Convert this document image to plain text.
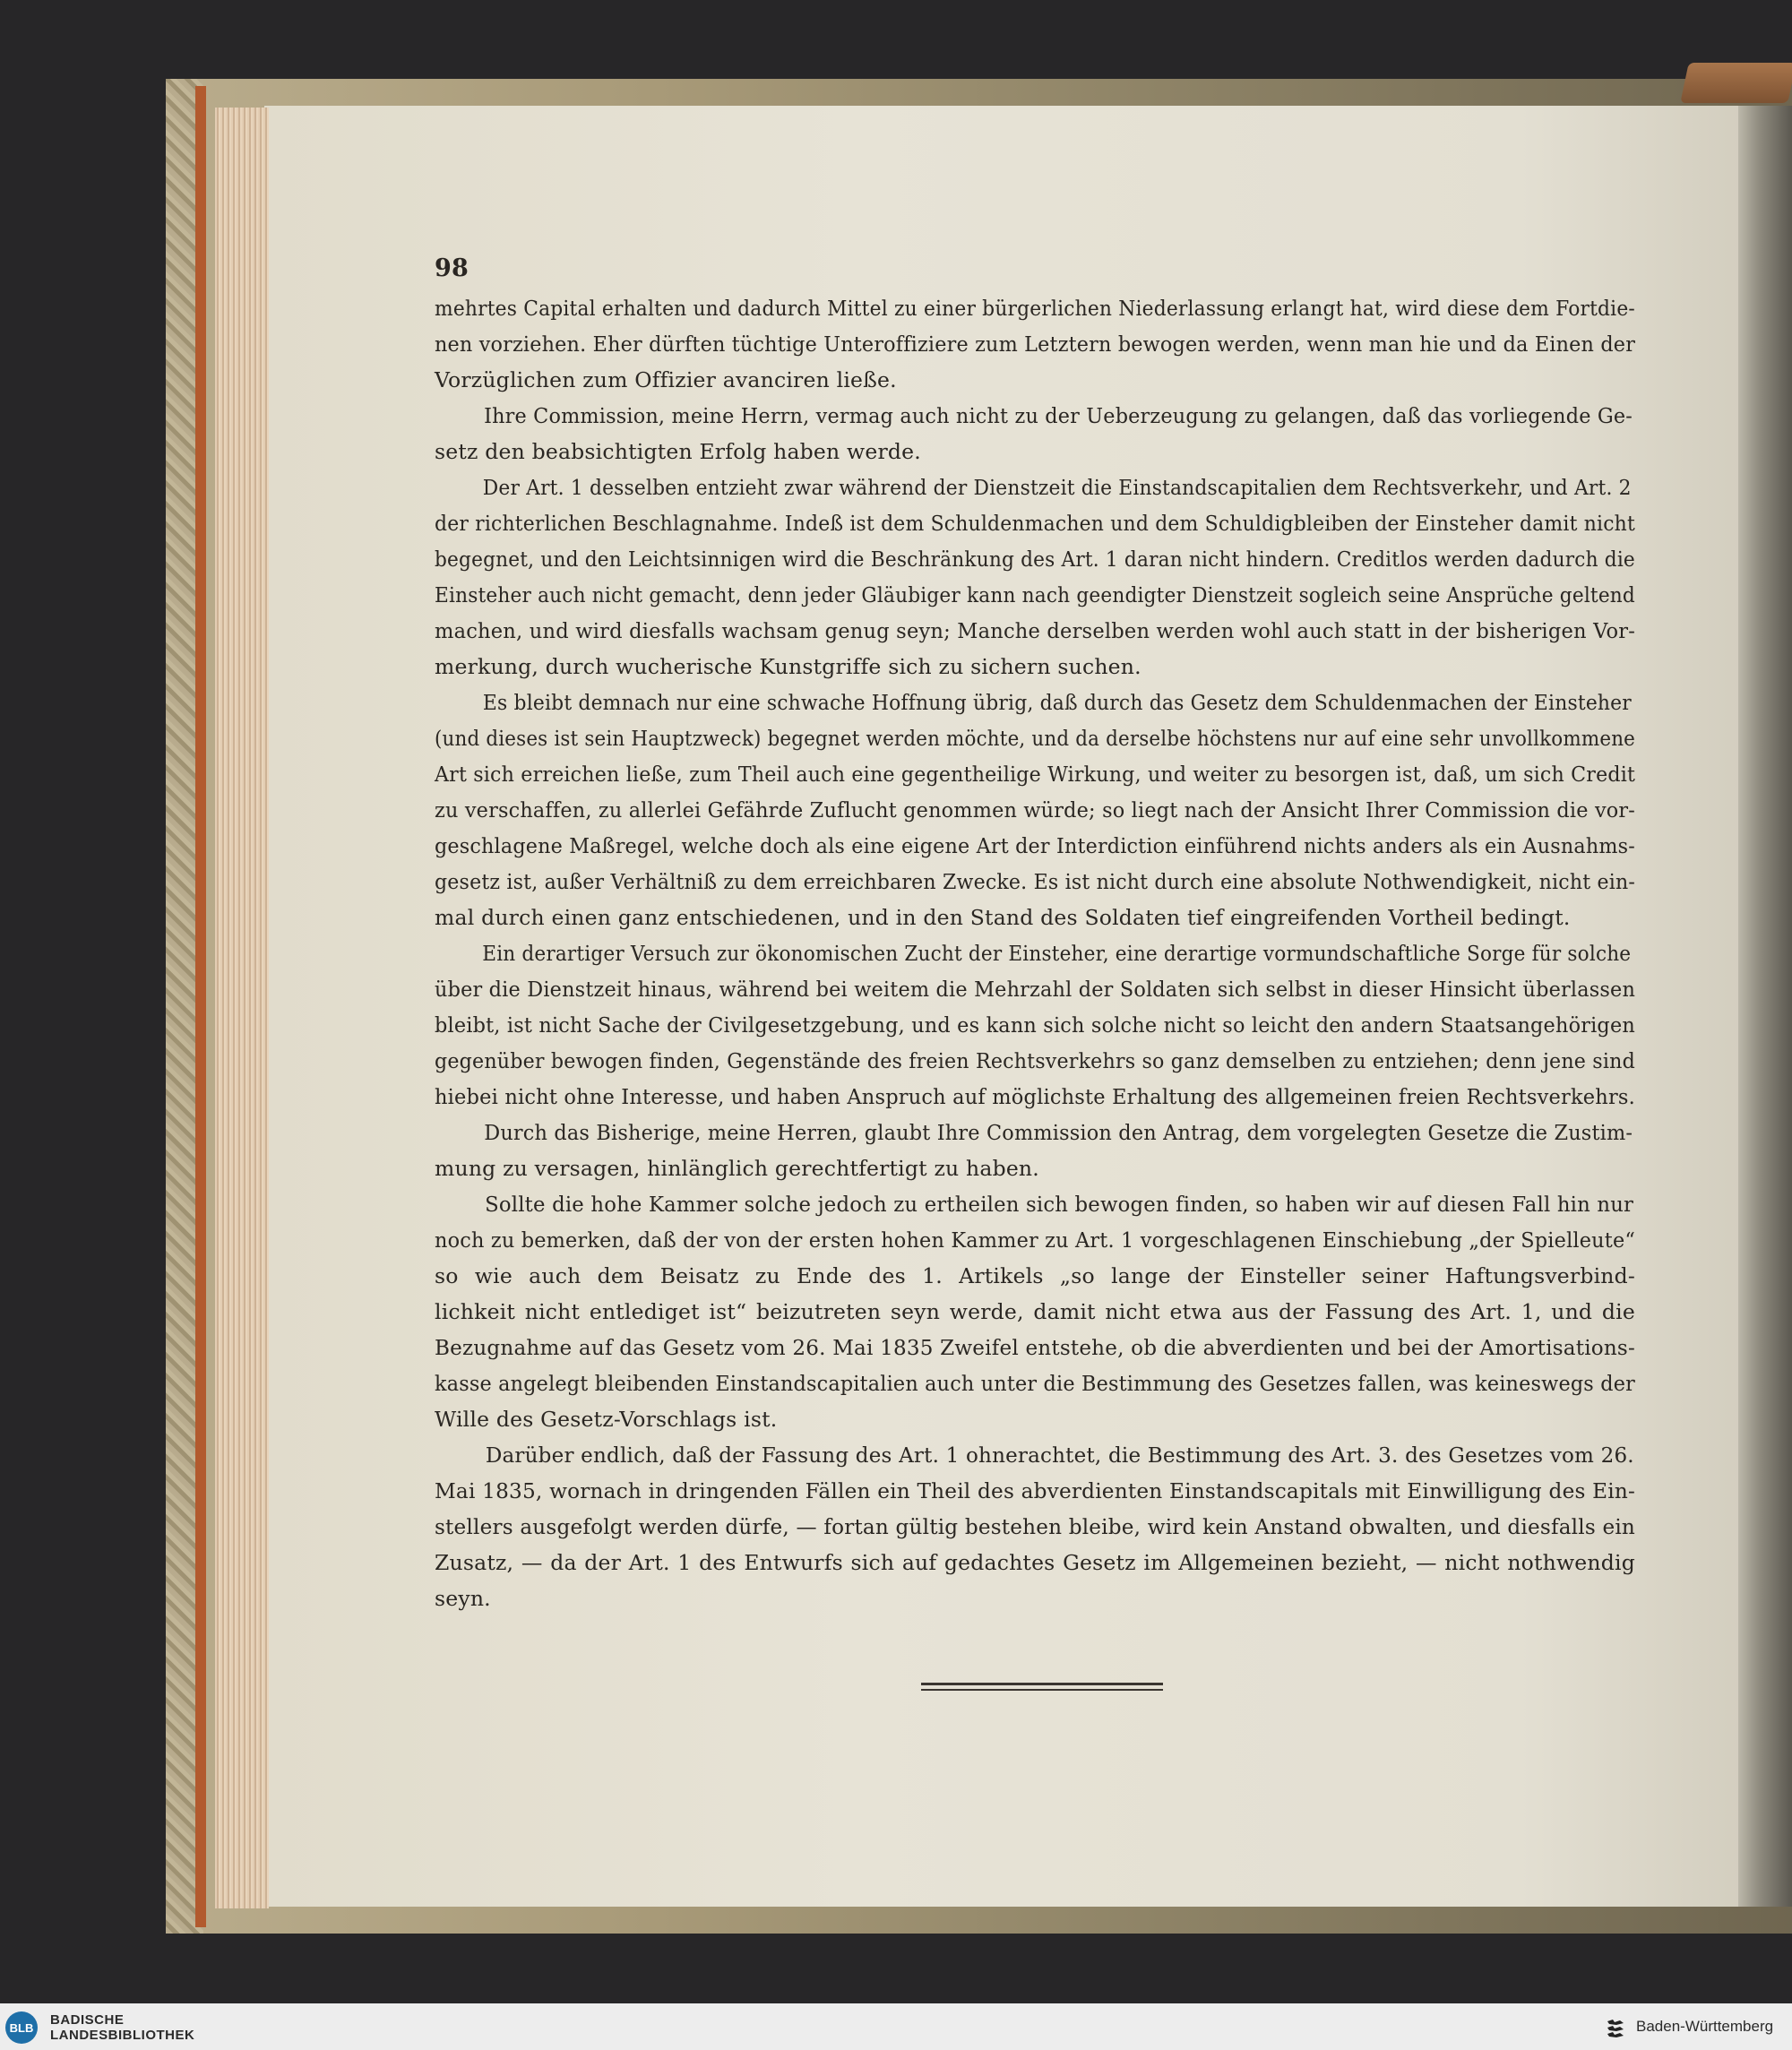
98
mehrtes Capital erhalten und dadurch Mittel zu einer bürgerlichen Niederlassung erlangt hat, wird diese dem Fortdie-
nen vorziehen. Eher dürften tüchtige Unteroffiziere zum Letztern bewogen werden, wenn man hie und da Einen der
Vorzüglichen zum Offizier avanciren ließe.
Ihre Commission, meine Herrn, vermag auch nicht zu der Ueberzeugung zu gelangen, daß das vorliegende Ge-
setz den beabsichtigten Erfolg haben werde.
Der Art. 1 desselben entzieht zwar während der Dienstzeit die Einstandscapitalien dem Rechtsverkehr, und Art. 2
der richterlichen Beschlagnahme. Indeß ist dem Schuldenmachen und dem Schuldigbleiben der Einsteher damit nicht
begegnet, und den Leichtsinnigen wird die Beschränkung des Art. 1 daran nicht hindern. Creditlos werden dadurch die
Einsteher auch nicht gemacht, denn jeder Gläubiger kann nach geendigter Dienstzeit sogleich seine Ansprüche geltend
machen, und wird diesfalls wachsam genug seyn; Manche derselben werden wohl auch statt in der bisherigen Vor-
merkung, durch wucherische Kunstgriffe sich zu sichern suchen.
Es bleibt demnach nur eine schwache Hoffnung übrig, daß durch das Gesetz dem Schuldenmachen der Einsteher
(und dieses ist sein Hauptzweck) begegnet werden möchte, und da derselbe höchstens nur auf eine sehr unvollkommene
Art sich erreichen ließe, zum Theil auch eine gegentheilige Wirkung, und weiter zu besorgen ist, daß, um sich Credit
zu verschaffen, zu allerlei Gefährde Zuflucht genommen würde; so liegt nach der Ansicht Ihrer Commission die vor-
geschlagene Maßregel, welche doch als eine eigene Art der Interdiction einführend nichts anders als ein Ausnahms-
gesetz ist, außer Verhältniß zu dem erreichbaren Zwecke. Es ist nicht durch eine absolute Nothwendigkeit, nicht ein-
mal durch einen ganz entschiedenen, und in den Stand des Soldaten tief eingreifenden Vortheil bedingt.
Ein derartiger Versuch zur ökonomischen Zucht der Einsteher, eine derartige vormundschaftliche Sorge für solche
über die Dienstzeit hinaus, während bei weitem die Mehrzahl der Soldaten sich selbst in dieser Hinsicht überlassen
bleibt, ist nicht Sache der Civilgesetzgebung, und es kann sich solche nicht so leicht den andern Staatsangehörigen
gegenüber bewogen finden, Gegenstände des freien Rechtsverkehrs so ganz demselben zu entziehen; denn jene sind
hiebei nicht ohne Interesse, und haben Anspruch auf möglichste Erhaltung des allgemeinen freien Rechtsverkehrs.
Durch das Bisherige, meine Herren, glaubt Ihre Commission den Antrag, dem vorgelegten Gesetze die Zustim-
mung zu versagen, hinlänglich gerechtfertigt zu haben.
Sollte die hohe Kammer solche jedoch zu ertheilen sich bewogen finden, so haben wir auf diesen Fall hin nur
noch zu bemerken, daß der von der ersten hohen Kammer zu Art. 1 vorgeschlagenen Einschiebung „der Spielleute“
so wie auch dem Beisatz zu Ende des 1. Artikels „so lange der Einsteller seiner Haftungsverbind-
lichkeit nicht entlediget ist“ beizutreten seyn werde, damit nicht etwa aus der Fassung des Art. 1, und die
Bezugnahme auf das Gesetz vom 26. Mai 1835 Zweifel entstehe, ob die abverdienten und bei der Amortisations-
kasse angelegt bleibenden Einstandscapitalien auch unter die Bestimmung des Gesetzes fallen, was keineswegs der
Wille des Gesetz-Vorschlags ist.
Darüber endlich, daß der Fassung des Art. 1 ohnerachtet, die Bestimmung des Art. 3. des Gesetzes vom 26.
Mai 1835, wornach in dringenden Fällen ein Theil des abverdienten Einstandscapitals mit Einwilligung des Ein-
stellers ausgefolgt werden dürfe, — fortan gültig bestehen bleibe, wird kein Anstand obwalten, und diesfalls ein
Zusatz, — da der Art. 1 des Entwurfs sich auf gedachtes Gesetz im Allgemeinen bezieht, — nicht nothwendig
seyn.
BLB	BADISCHE
LANDESBIBLIOTHEK
Baden-Württemberg
